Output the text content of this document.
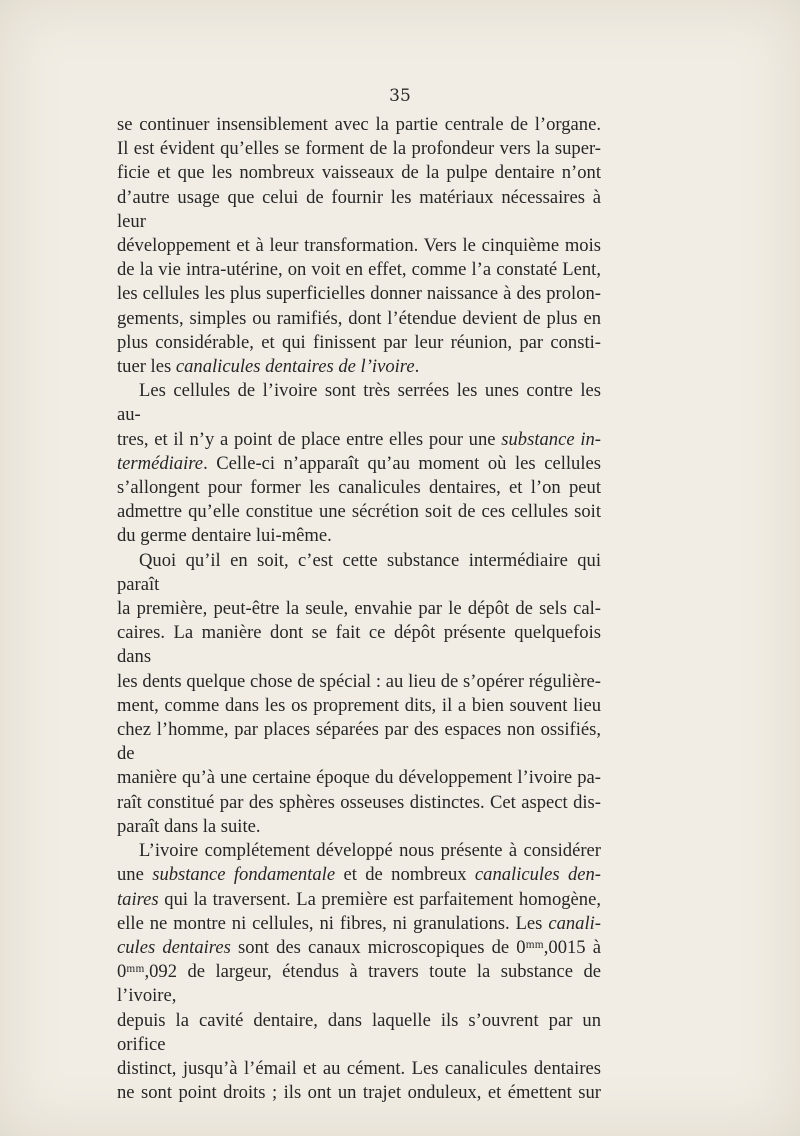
35

se continuer insensiblement avec la partie centrale de l’organe.

Il est évident qu’elles se forment de la profondeur vers la super-

ficie et que les nombreux vaisseaux de la pulpe dentaire n’ont

d’autre usage que celui de fournir les matériaux nécessaires à leur

développement et à leur transformation. Vers le cinquième mois

de la vie intra-utérine, on voit en effet, comme l’a constaté Lent,

les cellules les plus superficielles donner naissance à des prolon-

gements, simples ou ramifiés, dont l’étendue devient de plus en

plus considérable, et qui finissent par leur réunion, par consti-

tuer les canalicules dentaires de l’ivoire.

Les cellules de l’ivoire sont très serrées les unes contre les au-

tres, et il n’y a point de place entre elles pour une substance in-

termédiaire. Celle-ci n’apparaît qu’au moment où les cellules

s’allongent pour former les canalicules dentaires, et l’on peut

admettre qu’elle constitue une sécrétion soit de ces cellules soit

du germe dentaire lui-même.

Quoi qu’il en soit, c’est cette substance intermédiaire qui paraît

la première, peut-être la seule, envahie par le dépôt de sels cal-

caires. La manière dont se fait ce dépôt présente quelquefois dans

les dents quelque chose de spécial : au lieu de s’opérer régulière-

ment, comme dans les os proprement dits, il a bien souvent lieu

chez l’homme, par places séparées par des espaces non ossifiés, de

manière qu’à une certaine époque du développement l’ivoire pa-

raît constitué par des sphères osseuses distinctes. Cet aspect dis-

paraît dans la suite.

L’ivoire complétement développé nous présente à considérer

une substance fondamentale et de nombreux canalicules den-

taires qui la traversent. La première est parfaitement homogène,

elle ne montre ni cellules, ni fibres, ni granulations. Les canali-

cules dentaires sont des canaux microscopiques de 0ᵐᵐ,0015 à

0ᵐᵐ,092 de largeur, étendus à travers toute la substance de l’ivoire,

depuis la cavité dentaire, dans laquelle ils s’ouvrent par un orifice

distinct, jusqu’à l’émail et au cément. Les canalicules dentaires

ne sont point droits ; ils ont un trajet onduleux, et émettent sur
